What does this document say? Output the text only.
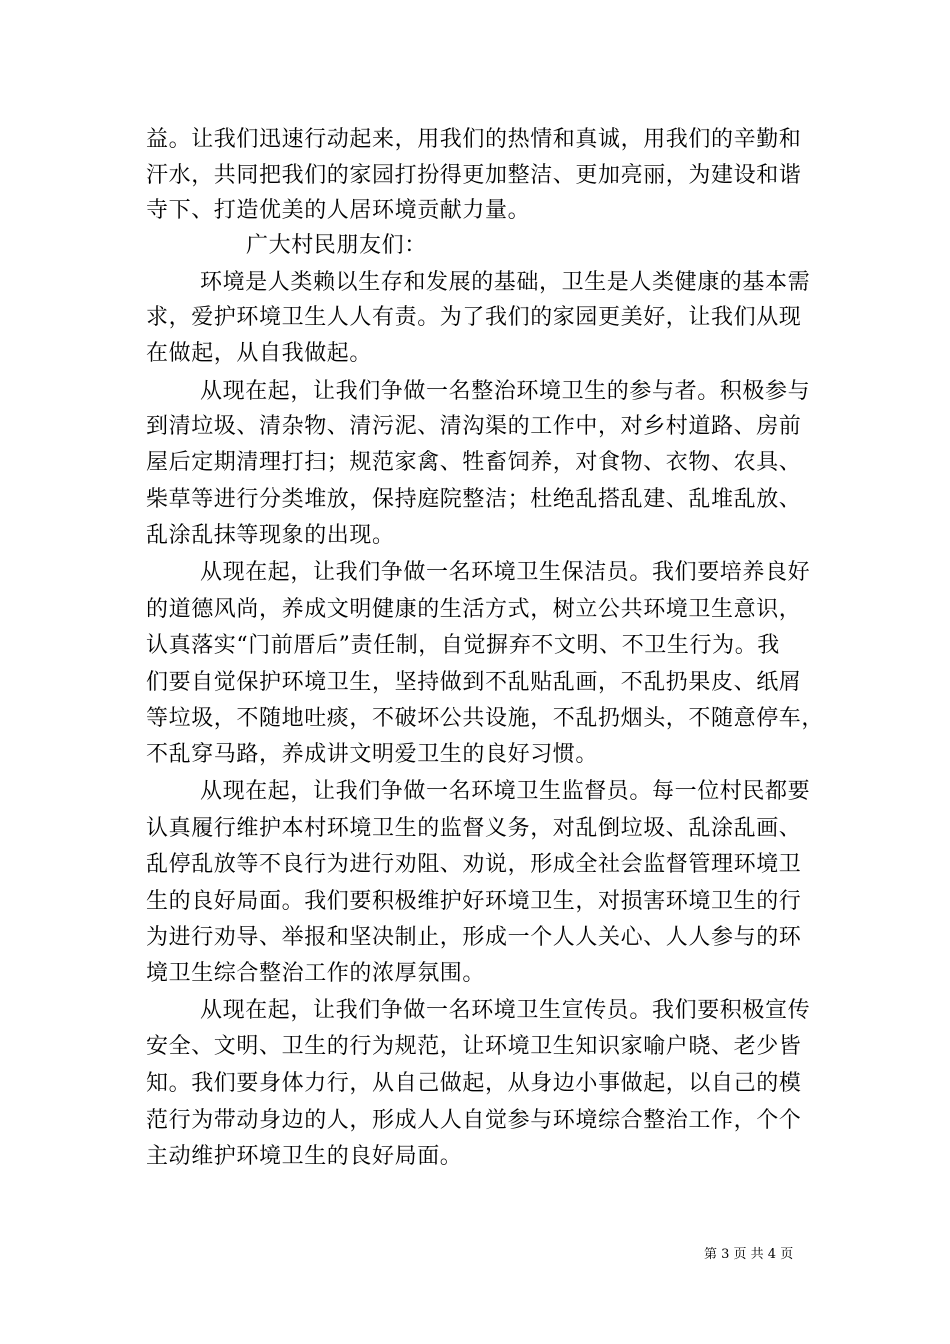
益。让我们迅速行动起来，用我们的热情和真诚，用我们的辛勤和
汗水，共同把我们的家园打扮得更加整洁、更加亮丽，为建设和谐
寺下、打造优美的人居环境贡献力量。
广大村民朋友们：
环境是人类赖以生存和发展的基础，卫生是人类健康的基本需
求，爱护环境卫生人人有责。为了我们的家园更美好，让我们从现
在做起，从自我做起。
从现在起，让我们争做一名整治环境卫生的参与者。积极参与
到清垃圾、清杂物、清污泥、清沟渠的工作中，对乡村道路、房前
屋后定期清理打扫；规范家禽、牲畜饲养，对食物、衣物、农具、
柴草等进行分类堆放，保持庭院整洁；杜绝乱搭乱建、乱堆乱放、
乱涂乱抹等现象的出现。
从现在起，让我们争做一名环境卫生保洁员。我们要培养良好
的道德风尚，养成文明健康的生活方式，树立公共环境卫生意识，
认真落实“门前厝后”责任制，自觉摒弃不文明、不卫生行为。我
们要自觉保护环境卫生，坚持做到不乱贴乱画，不乱扔果皮、纸屑
等垃圾，不随地吐痰，不破坏公共设施，不乱扔烟头，不随意停车，
不乱穿马路，养成讲文明爱卫生的良好习惯。
从现在起，让我们争做一名环境卫生监督员。每一位村民都要
认真履行维护本村环境卫生的监督义务，对乱倒垃圾、乱涂乱画、
乱停乱放等不良行为进行劝阻、劝说，形成全社会监督管理环境卫
生的良好局面。我们要积极维护好环境卫生，对损害环境卫生的行
为进行劝导、举报和坚决制止，形成一个人人关心、人人参与的环
境卫生综合整治工作的浓厚氛围。
从现在起，让我们争做一名环境卫生宣传员。我们要积极宣传
安全、文明、卫生的行为规范，让环境卫生知识家喻户晓、老少皆
知。我们要身体力行，从自己做起，从身边小事做起，以自己的模
范行为带动身边的人，形成人人自觉参与环境综合整治工作，个个
主动维护环境卫生的良好局面。
第 3 页 共 4 页
